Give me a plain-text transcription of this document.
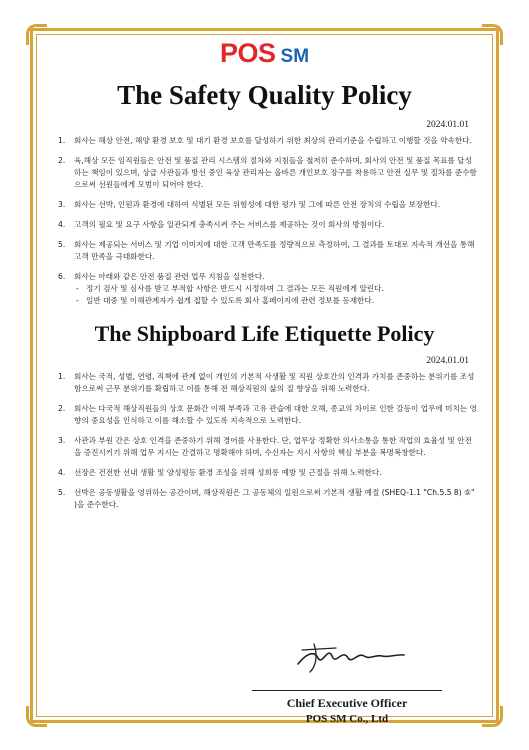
POS SM
The Safety Quality Policy
2024.01.01
1. 회사는 해상 안전, 해양 환경 보호 및 대기 환경 보호를 달성하기 위한 최상의 관리기준을 수립하고 이행할 것을 약속한다.
2. 육,해상 모든 임직원들은 안전 및 품질 관리 시스템의 절차와 지침들을 철저히 준수하며, 회사의 안전 및 품질 목표를 달성하는 책임이 있으며, 상급 사관들과 방선 중인 육상 관리자는 올바른 개인보호 장구를 착용하고 안전 실무 및 절차를 준수함으로써 선원들에게 모범이 되어야 한다.
3. 회사는 선박, 인원과 환경에 대하여 식별된 모든 위험성에 대한 평가 및 그에 따른 안전 장치의 수립을 보장한다.
4. 고객의 필요 및 요구 사항을 일관되게 충족시켜 주는 서비스를 제공하는 것이 회사의 방침이다.
5. 회사는 제공되는 서비스 및 기업 이미지에 대한 고객 만족도를 정량적으로 측정하여, 그 결과를 토대로 지속적 개선을 통해 고객 만족을 극대화한다.
6. 회사는 아래와 같은 안전 품질 관련 업무 지침을 실천한다.
- 정기 검사 및 심사를 받고 부적합 사항은 반드시 시정하며 그 결과는 모든 직원에게 알린다.
- 일반 대중 및 이해관계자가 쉽게 접할 수 있도록 회사 홈페이지에 관련 정보를 등재한다.
The Shipboard Life Etiquette Policy
2024.01.01
1. 회사는 국적, 성별, 연령, 직책에 관계 없이 개인의 기본적 사생활 및 직원 상호간의 인격과 가치를 존중하는 분위기를 조성함으로써 근무 분위기를 확립하고 이를 통해 전 해상직원의 삶의 질 향상을 위해 노력한다.
2. 회사는 다국적 해상직원들의 상호 문화간 이해 부족과 고유 관습에 대한 오해, 종교의 차이로 인한 갈등이 업무에 미치는 영향의 중요성을 인식하고 이를 해소할 수 있도록 지속적으로 노력한다.
3. 사관과 부원 간은 상호 인격을 존중하기 위해 경어를 사용한다. 단, 업무상 정확한 의사소통을 통한 작업의 효율성 및 안전을 증진시키기 위해 업무 지시는 간결하고 명확해야 하며, 수신자는 지시 사항의 핵심 부분을 복명복창한다.
4. 선장은 건전한 선내 생활 및 양성평등 환경 조성을 위해 성희롱 예방 및 근절을 위해 노력한다.
5. 선박은 공동생활을 영위하는 공간이며, 해상직원은 그 공동체의 일원으로써 기본적 생활 예절 (SHEQ-1.1 "Ch.5.5 8) ⑤" )을 준수한다.
Chief Executive Officer
POS SM Co., Ltd
